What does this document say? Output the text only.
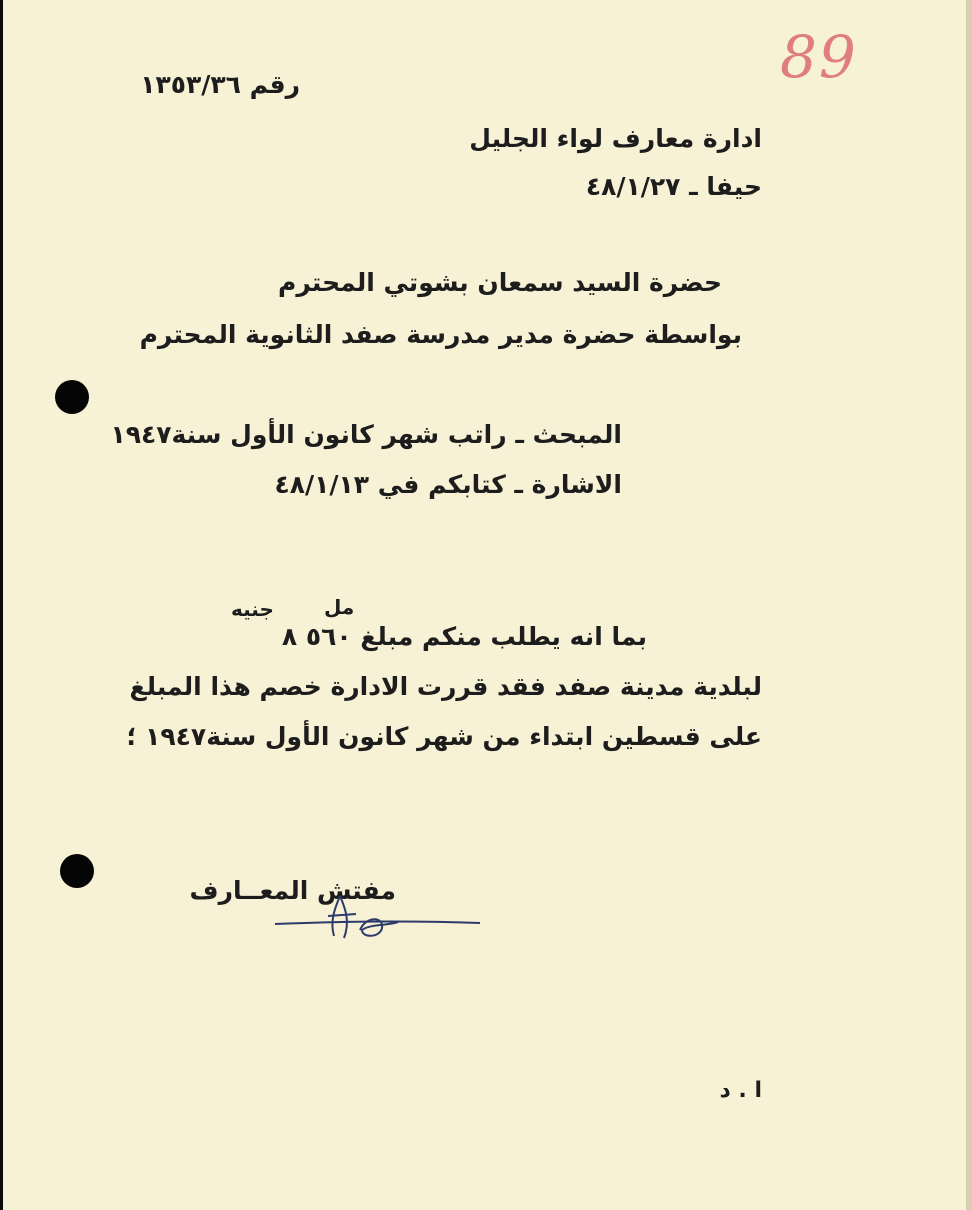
89
رقم ١٣٥٣/٣٦
ادارة معارف لواء الجليل
حيفا ـ ٤٨/١/٢٧
حضرة السيد سمعان بشوتي المحترم
بواسطة حضرة مدير مدرسة صفد الثانوية المحترم
المبحث ـ راتب شهر كانون الأول سنة١٩٤٧
الاشارة ـ كتابكم في ٤٨/١/١٣
مل
جنيه
بما انه يطلب منكم مبلغ ٥٦٠ ٨
لبلدية مدينة صفد فقد قررت الادارة خصم هذا المبلغ
على قسطين ابتداء من شهر كانون الأول سنة١٩٤٧ ؛
مفتش المعــارف
ا . د
